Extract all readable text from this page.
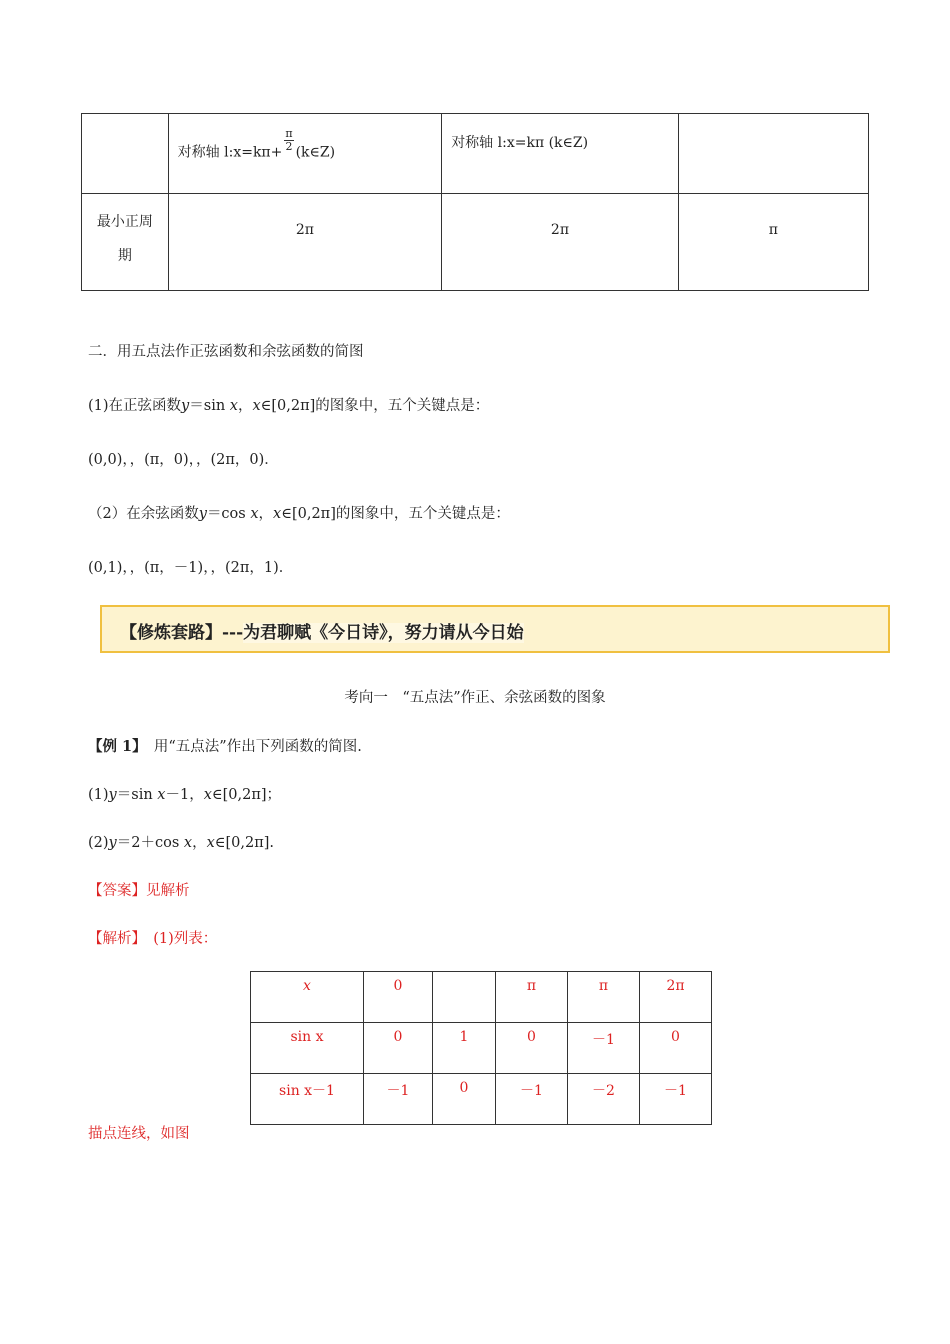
	对称轴 l:x=kπ+ $\frac{\pi}{2}$ (k∈Z)	对称轴 l:x=kπ (k∈Z)	

最小正周
期	2π	2π	π
二．用五点法作正弦函数和余弦函数的简图
(1)在正弦函数y＝sin x，x∈[0,2π]的图象中，五个关键点是：
(0,0)，，(π，0)，，(2π，0)．
（2）在余弦函数y＝cos x，x∈[0,2π]的图象中，五个关键点是：
(0,1)，，(π，－1)，，(2π，1)．
【修炼套路】---为君聊赋《今日诗》，努力请从今日始
考向一　“五点法”作正、余弦函数的图象
【例 1】　用“五点法”作出下列函数的简图.
(1)y＝sin x－1，x∈[0,2π]；
(2)y＝2＋cos x，x∈[0,2π].
【答案】见解析
【解析】　(1)列表：
x	0		π	π	2π
sin x	0	1	0	－1	0
sin x－1	－1	0	－1	－2	－1
描点连线，如图
